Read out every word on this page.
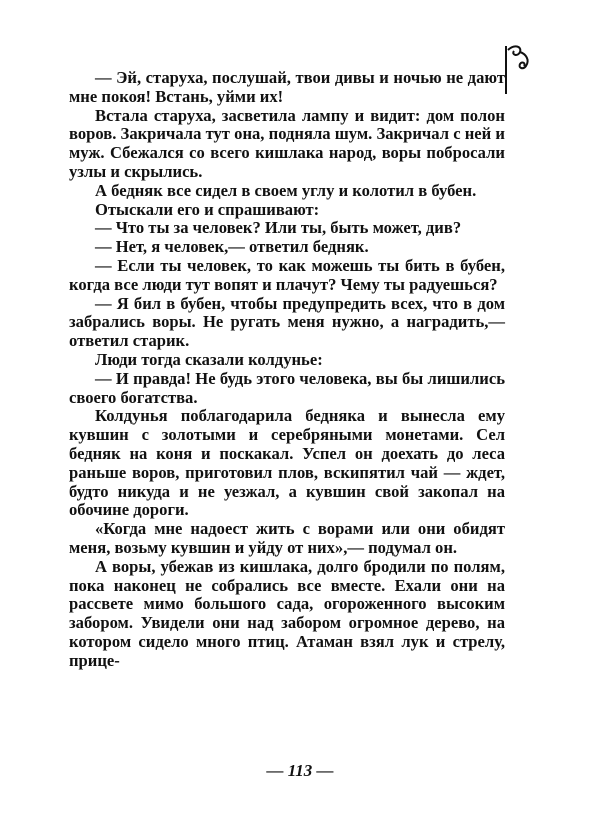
— Эй, старуха, послушай, твои дивы и ночью не дают мне покоя! Встань, уйми их!

Встала старуха, засветила лампу и видит: дом полон воров. Закричала тут она, подняла шум. Закричал с ней и муж. Сбежался со всего кишлака народ, воры побросали узлы и скрылись.

А бедняк все сидел в своем углу и колотил в бубен.

Отыскали его и спрашивают:

— Что ты за человек? Или ты, быть может, див?

— Нет, я человек,— ответил бедняк.

— Если ты человек, то как можешь ты бить в бубен, когда все люди тут вопят и плачут? Чему ты радуешься?

— Я бил в бубен, чтобы предупредить всех, что в дом забрались воры. Не ругать меня нужно, а наградить,— ответил старик.

Люди тогда сказали колдунье:

— И правда! Не будь этого человека, вы бы лишились своего богатства.

Колдунья поблагодарила бедняка и вынесла ему кувшин с золотыми и серебряными монетами. Сел бедняк на коня и поскакал. Успел он доехать до леса раньше воров, приготовил плов, вскипятил чай — ждет, будто никуда и не уезжал, а кувшин свой закопал на обочине дороги.

«Когда мне надоест жить с ворами или они обидят меня, возьму кувшин и уйду от них»,— подумал он.

А воры, убежав из кишлака, долго бродили по полям, пока наконец не собрались все вместе. Ехали они на рассвете мимо большого сада, огороженного высоким забором. Увидели они над забором огромное дерево, на котором сидело много птиц. Атаман взял лук и стрелу, прице-

— 113 —
